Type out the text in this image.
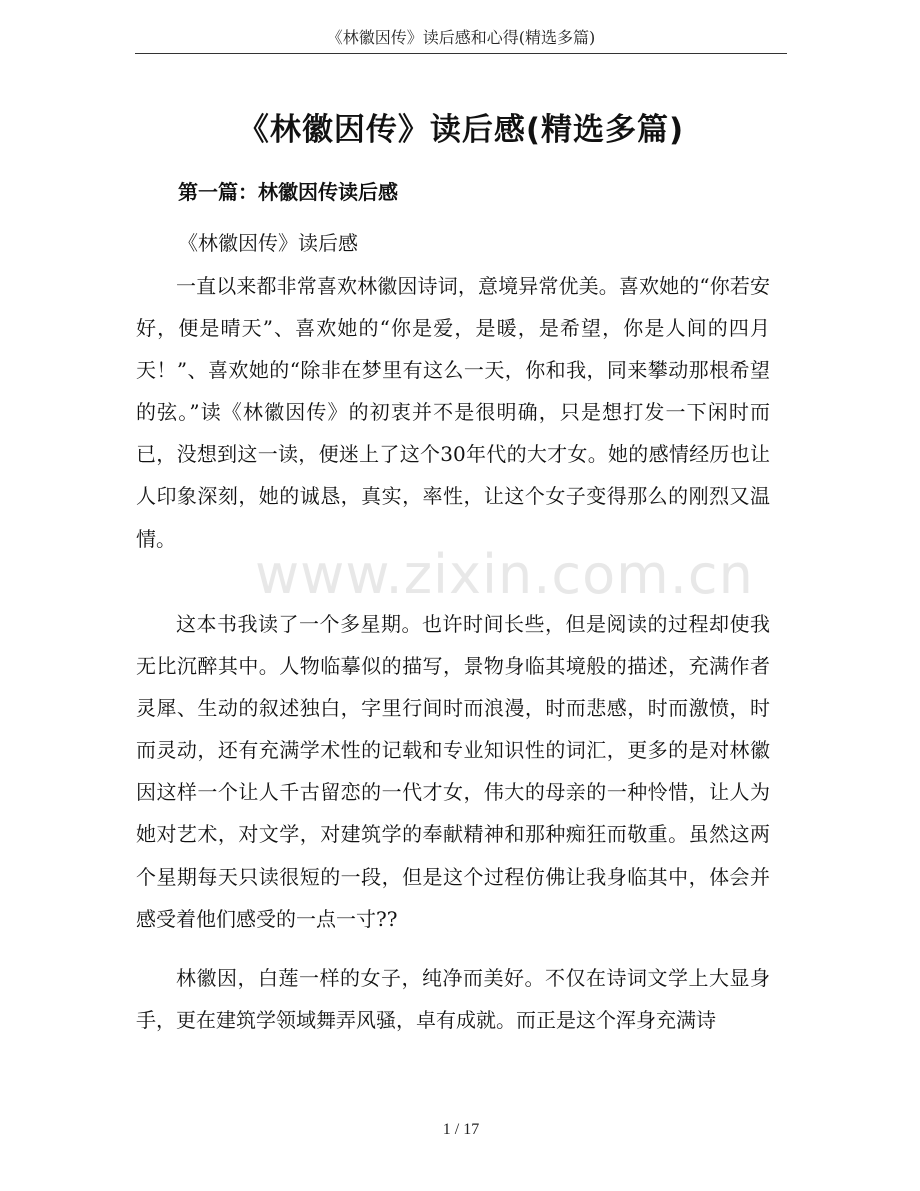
《林徽因传》读后感和心得(精选多篇)
《林徽因传》读后感(精选多篇)
第一篇：林徽因传读后感
《林徽因传》读后感

一直以来都非常喜欢林徽因诗词，意境异常优美。喜欢她的“你若安好，便是晴天”、喜欢她的“你是爱，是暖，是希望，你是人间的四月天！”、喜欢她的“除非在梦里有这么一天，你和我，同来攀动那根希望的弦。”读《林徽因传》的初衷并不是很明确，只是想打发一下闲时而已，没想到这一读，便迷上了这个30年代的大才女。她的感情经历也让人印象深刻，她的诚恳，真实，率性，让这个女子变得那么的刚烈又温情。

这本书我读了一个多星期。也许时间长些，但是阅读的过程却使我无比沉醉其中。人物临摹似的描写，景物身临其境般的描述，充满作者灵犀、生动的叙述独白，字里行间时而浪漫，时而悲感，时而激愤，时而灵动，还有充满学术性的记载和专业知识性的词汇，更多的是对林徽因这样一个让人千古留恋的一代才女，伟大的母亲的一种怜惜，让人为她对艺术，对文学，对建筑学的奉献精神和那种痴狂而敬重。虽然这两个星期每天只读很短的一段，但是这个过程仿佛让我身临其中，体会并感受着他们感受的一点一寸??

林徽因，白莲一样的女子，纯净而美好。不仅在诗词文学上大显身手，更在建筑学领域舞弄风骚，卓有成就。而正是这个浑身充满诗

www.zixin.com.cn
1 / 17
